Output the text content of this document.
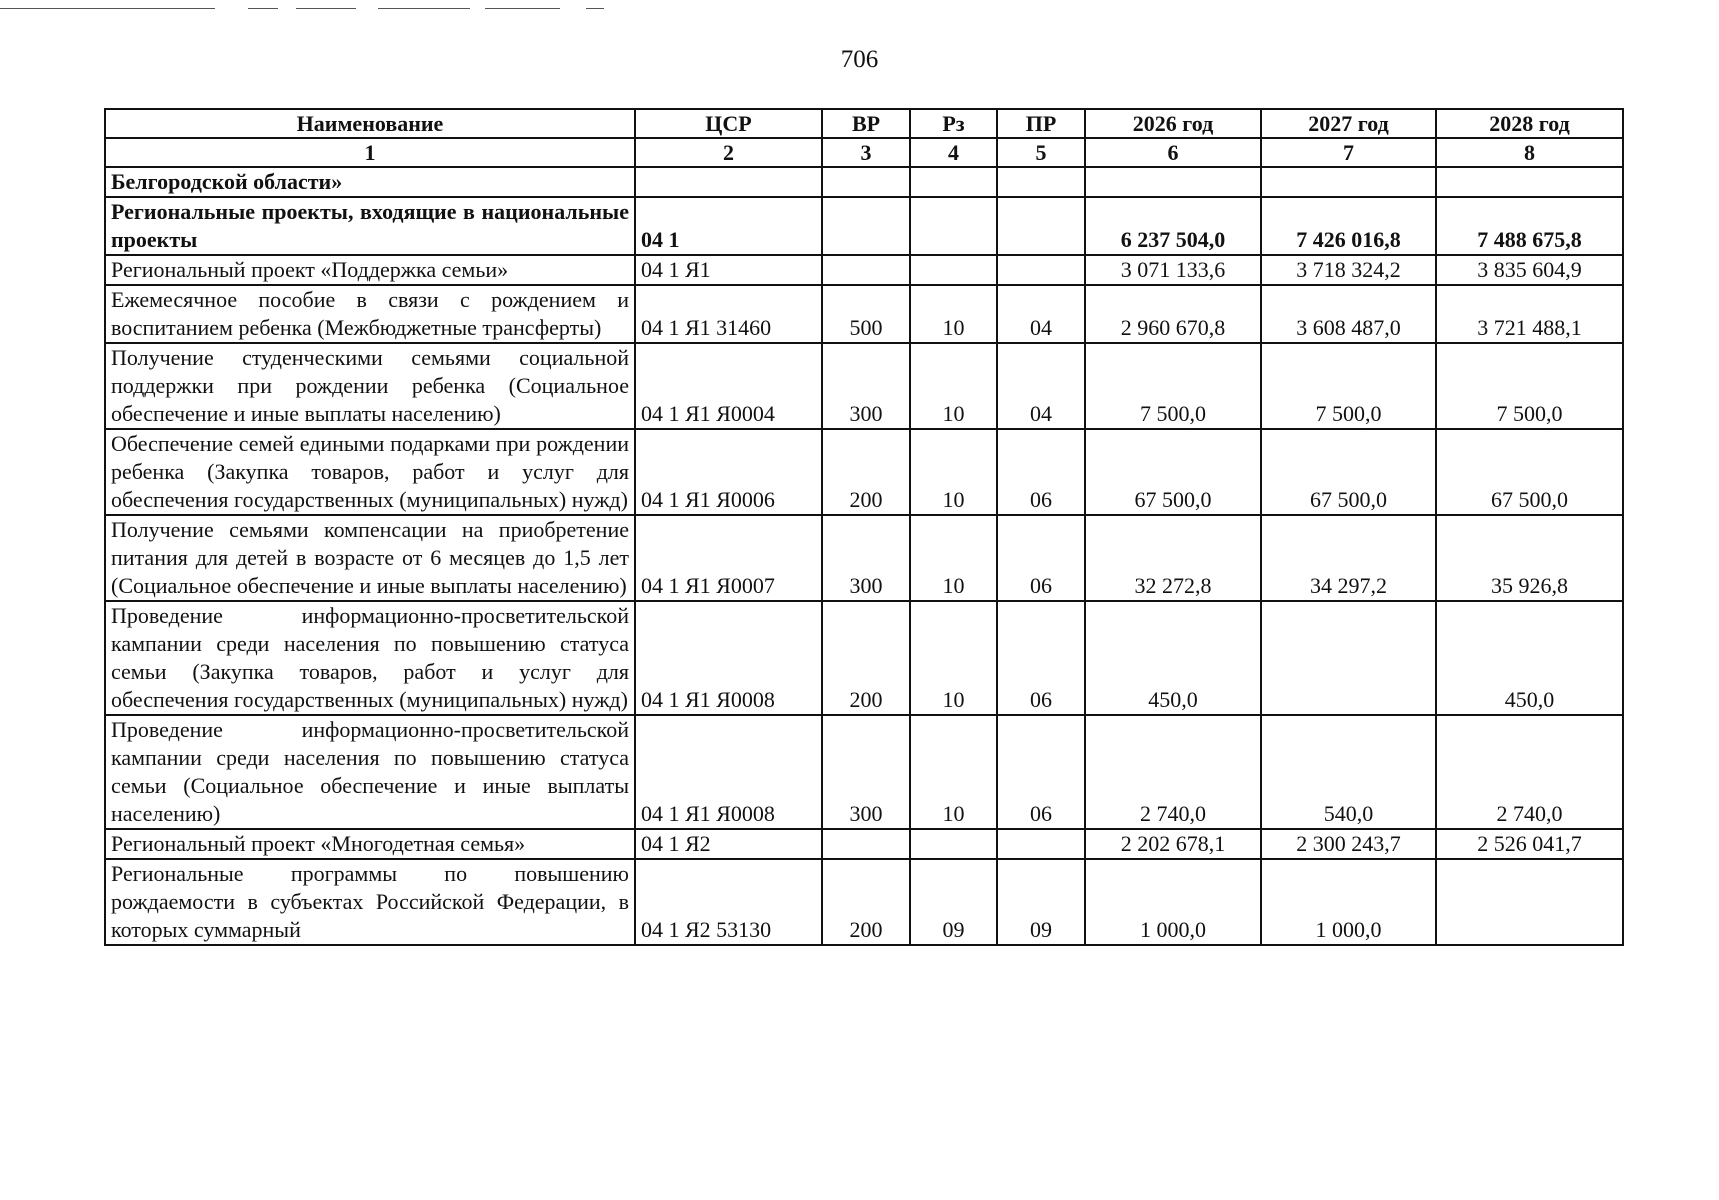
706
Наименование	ЦСР	ВР	Рз	ПР	2026 год	2027 год	2028 год
1	2	3	4	5	6	7	8
Белгородской области»							
Региональные проекты, входящие в национальные проекты	04 1				6 237 504,0	7 426 016,8	7 488 675,8
Региональный проект «Поддержка семьи»	04 1 Я1				3 071 133,6	3 718 324,2	3 835 604,9
Ежемесячное пособие в связи с рождением и воспитанием ребенка (Межбюджетные трансферты)	04 1 Я1 31460	500	10	04	2 960 670,8	3 608 487,0	3 721 488,1
Получение студенческими семьями социальной поддержки при рождении ребенка (Социальное обеспечение и иные выплаты населению)	04 1 Я1 Я0004	300	10	04	7 500,0	7 500,0	7 500,0
Обеспечение семей едиными подарками при рождении ребенка (Закупка товаров, работ и услуг для обеспечения государственных (муниципальных) нужд)	04 1 Я1 Я0006	200	10	06	67 500,0	67 500,0	67 500,0
Получение семьями компенсации на приобретение питания для детей в возрасте от 6 месяцев до 1,5 лет (Социальное обеспечение и иные выплаты населению)	04 1 Я1 Я0007	300	10	06	32 272,8	34 297,2	35 926,8
Проведение информационно-просветительской кампании среди населения по повышению статуса семьи (Закупка товаров, работ и услуг для обеспечения государственных (муниципальных) нужд)	04 1 Я1 Я0008	200	10	06	450,0		450,0
Проведение информационно-просветительской кампании среди населения по повышению статуса семьи (Социальное обеспечение и иные выплаты населению)	04 1 Я1 Я0008	300	10	06	2 740,0	540,0	2 740,0
Региональный проект «Многодетная семья»	04 1 Я2				2 202 678,1	2 300 243,7	2 526 041,7
Региональные программы по повышению рождаемости в субъектах Российской Федерации, в которых суммарный	04 1 Я2 53130	200	09	09	1 000,0	1 000,0	
